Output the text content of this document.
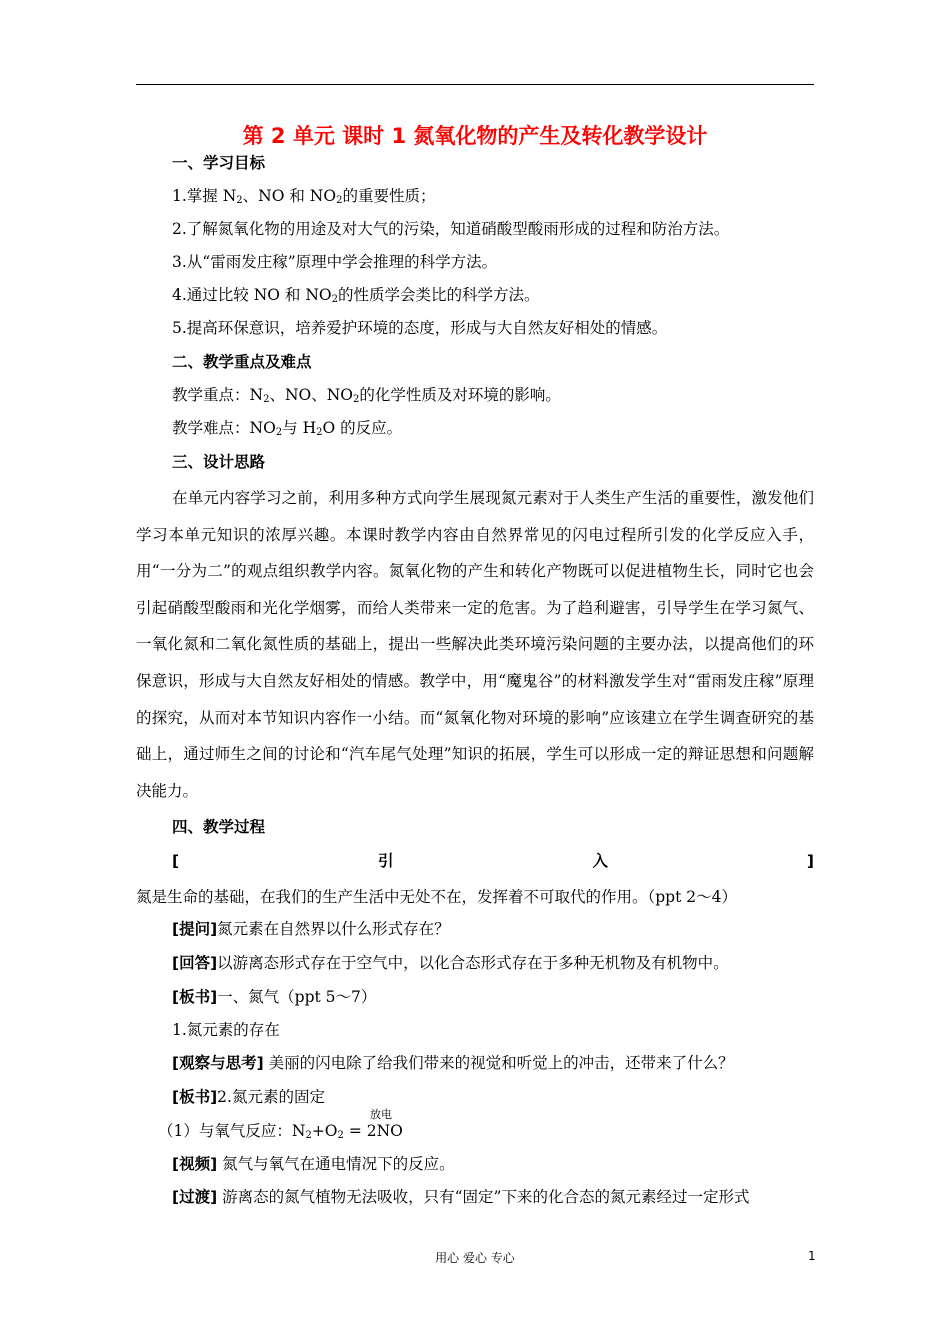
第 2 单元 课时 1 氮氧化物的产生及转化教学设计
一、学习目标
1.掌握 $N_2$、NO 和 $NO_2$的重要性质；
2.了解氮氧化物的用途及对大气的污染，知道硝酸型酸雨形成的过程和防治方法。
3.从“雷雨发庄稼”原理中学会推理的科学方法。
4.通过比较 NO 和 $NO_2$的性质学会类比的科学方法。
5.提高环保意识，培养爱护环境的态度，形成与大自然友好相处的情感。
二、教学重点及难点
教学重点：$N_2$、NO、$NO_2$的化学性质及对环境的影响。
教学难点：$NO_2$与 $H_2O$ 的反应。
三、设计思路
在单元内容学习之前，利用多种方式向学生展现氮元素对于人类生产生活的重要性，激发他们学习本单元知识的浓厚兴趣。本课时教学内容由自然界常见的闪电过程所引发的化学反应入手，用“一分为二”的观点组织教学内容。氮氧化物的产生和转化产物既可以促进植物生长，同时它也会引起硝酸型酸雨和光化学烟雾，而给人类带来一定的危害。为了趋利避害，引导学生在学习氮气、一氧化氮和二氧化氮性质的基础上，提出一些解决此类环境污染问题的主要办法，以提高他们的环保意识，形成与大自然友好相处的情感。教学中，用“魔鬼谷”的材料激发学生对“雷雨发庄稼”原理的探究，从而对本节知识内容作一小结。而“氮氧化物对环境的影响”应该建立在学生调查研究的基础上，通过师生之间的讨论和“汽车尾气处理”知识的拓展，学生可以形成一定的辩证思想和问题解决能力。
四、教学过程
[引入]氮是生命的基础，在我们的生产生活中无处不在，发挥着不可取代的作用。（ppt 2～4）
[提问]氮元素在自然界以什么形式存在？
[回答]以游离态形式存在于空气中，以化合态形式存在于多种无机物及有机物中。
[板书]一、氮气（ppt 5～7）
1.氮元素的存在
[观察与思考] 美丽的闪电除了给我们带来的视觉和听觉上的冲击，还带来了什么？
[板书]2.氮元素的固定
（1）与氧气反应：$N_2+O_2 = 2NO$
放电
[视频] 氮气与氧气在通电情况下的反应。
[过渡] 游离态的氮气植物无法吸收，只有“固定”下来的化合态的氮元素经过一定形式
用心 爱心 专心	1
